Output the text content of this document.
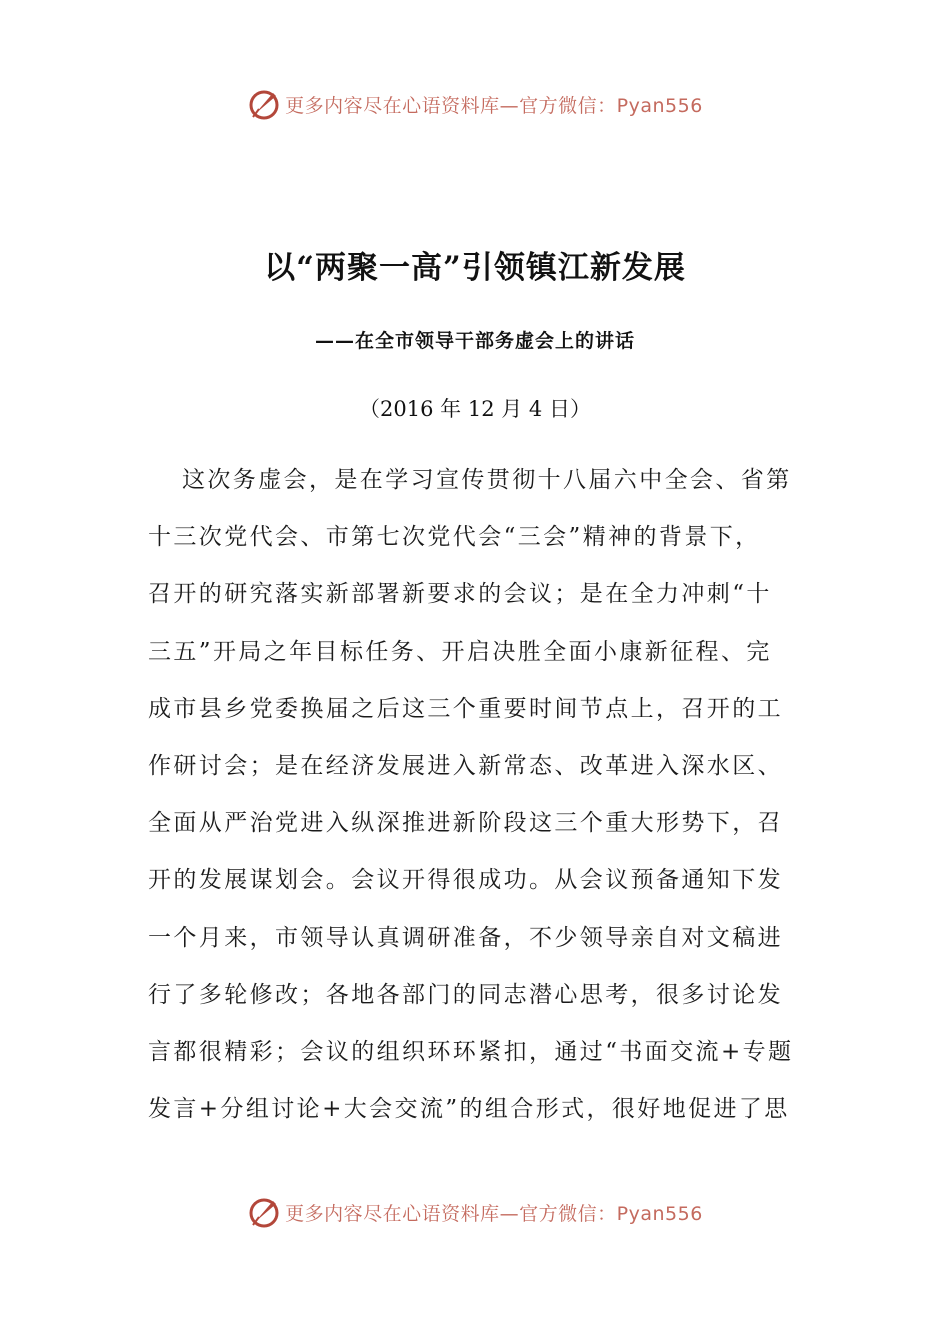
更多内容尽在心语资料库—官方微信：Pyan556
以“两聚一高”引领镇江新发展
——在全市领导干部务虚会上的讲话
（2016 年 12 月 4 日）
这次务虚会，是在学习宣传贯彻十八届六中全会、省第
十三次党代会、市第七次党代会“三会”精神的背景下，
召开的研究落实新部署新要求的会议；是在全力冲刺“十
三五”开局之年目标任务、开启决胜全面小康新征程、完
成市县乡党委换届之后这三个重要时间节点上，召开的工
作研讨会；是在经济发展进入新常态、改革进入深水区、
全面从严治党进入纵深推进新阶段这三个重大形势下，召
开的发展谋划会。会议开得很成功。从会议预备通知下发
一个月来，市领导认真调研准备，不少领导亲自对文稿进
行了多轮修改；各地各部门的同志潜心思考，很多讨论发
言都很精彩；会议的组织环环紧扣，通过“书面交流+专题
发言+分组讨论+大会交流”的组合形式，很好地促进了思
更多内容尽在心语资料库—官方微信：Pyan556
